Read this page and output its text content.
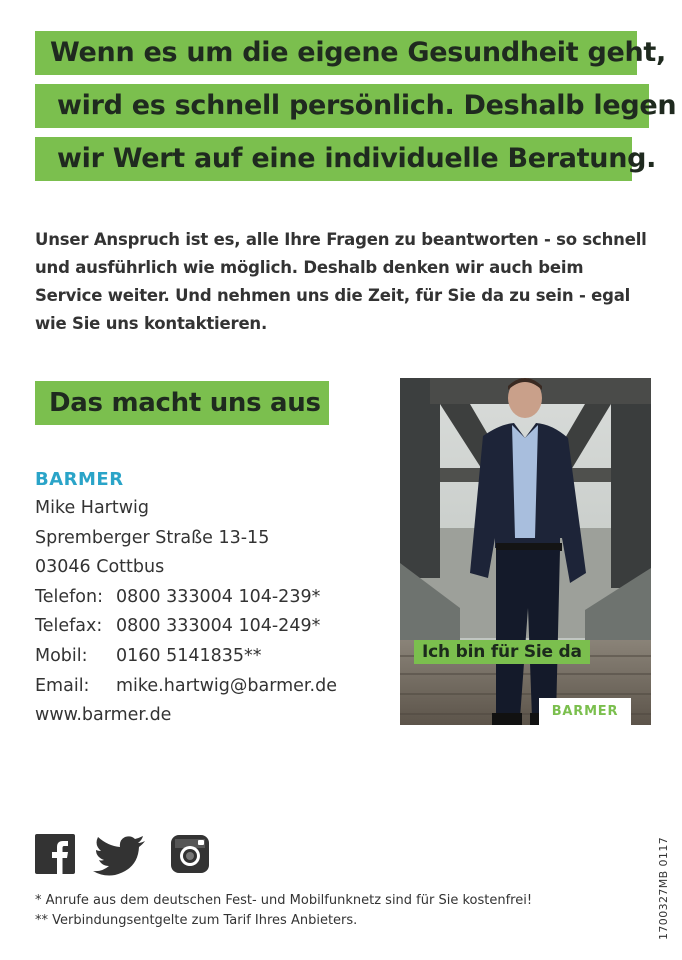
Wenn es um die eigene Gesundheit geht,
wird es schnell persönlich. Deshalb legen
wir Wert auf eine individuelle Beratung.

Unser Anspruch ist es, alle Ihre Fragen zu beantworten - so schnell und ausführlich wie möglich. Deshalb denken wir auch beim Service weiter. Und nehmen uns die Zeit, für Sie da zu sein - egal wie Sie uns kontaktieren.

Das macht uns aus
BARMER
Mike Hartwig
Spremberger Straße 13-15
03046 Cottbus
Telefon: 0800 333004 104-239*
Telefax: 0800 333004 104-249*
Mobil: 0160 5141835**
Email: mike.hartwig@barmer.de
www.barmer.de
Ich bin für Sie da
BARMER
* Anrufe aus dem deutschen Fest- und Mobilfunknetz sind für Sie kostenfrei!
** Verbindungsentgelte zum Tarif Ihres Anbieters.	1700327MB 0117
